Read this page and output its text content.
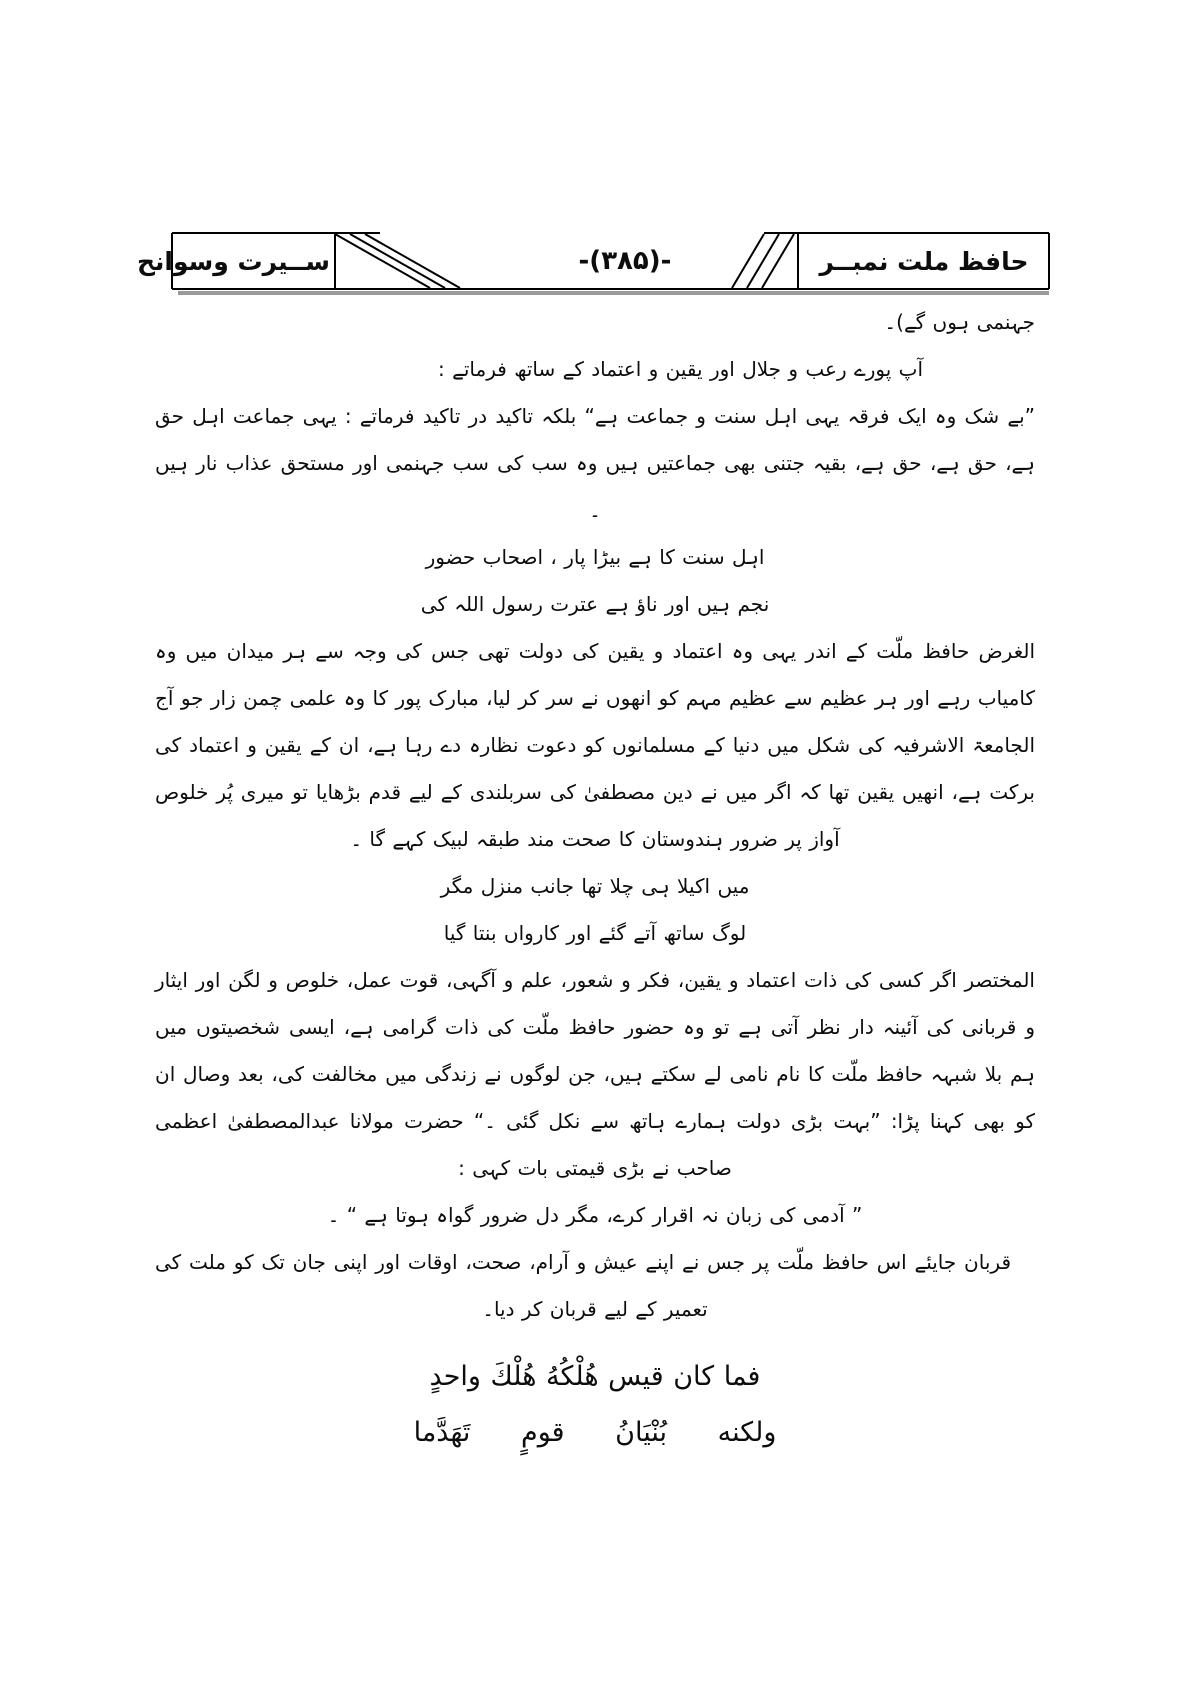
ســیرت وسوانح	حافظ ملت نمبــر
-(۳۸۵)-
جہنمی ہوں گے)۔
آپ پورے رعب و جلال اور یقین و اعتماد کے ساتھ فرماتے :

”بے شک وہ ایک فرقہ یہی اہل سنت و جماعت ہے“ بلکہ تاکید در تاکید فرماتے : یہی جماعت اہل حق ہے، حق ہے، حق ہے، بقیہ جتنی بھی جماعتیں ہیں وہ سب کی سب جہنمی اور مستحق عذاب نار ہیں ۔

اہل سنت کا ہے بیڑا پار ، اصحاب حضور
نجم ہیں اور ناؤ ہے عترت رسول اللہ کی

الغرض حافظ ملّت کے اندر یہی وہ اعتماد و یقین کی دولت تھی جس کی وجہ سے ہر میدان میں وہ کامیاب رہے اور ہر عظیم سے عظیم مہم کو انھوں نے سر کر لیا، مبارک پور کا وہ علمی چمن زار جو آج الجامعۃ الاشرفیہ کی شکل میں دنیا کے مسلمانوں کو دعوت نظارہ دے رہا ہے، ان کے یقین و اعتماد کی برکت ہے، انھیں یقین تھا کہ اگر میں نے دین مصطفیٰ کی سربلندی کے لیے قدم بڑھایا تو میری پُر خلوص آواز پر ضرور ہندوستان کا صحت مند طبقہ لبیک کہے گا ۔

میں اکیلا ہی چلا تھا جانب منزل مگر
لوگ ساتھ آتے گئے اور کارواں بنتا گیا

المختصر اگر کسی کی ذات اعتماد و یقین، فکر و شعور، علم و آگہی، قوت عمل، خلوص و لگن اور ایثار و قربانی کی آئینہ دار نظر آتی ہے تو وہ حضور حافظ ملّت کی ذات گرامی ہے، ایسی شخصیتوں میں ہم بلا شبہہ حافظ ملّت کا نام نامی لے سکتے ہیں، جن لوگوں نے زندگی میں مخالفت کی، بعد وصال ان کو بھی کہنا پڑا: ”بہت بڑی دولت ہمارے ہاتھ سے نکل گئی ۔“ حضرت مولانا عبدالمصطفیٰ اعظمی صاحب نے بڑی قیمتی بات کہی :

” آدمی کی زبان نہ اقرار کرے، مگر دل ضرور گواہ ہوتا ہے “ ۔

قربان جایئے اس حافظ ملّت پر جس نے اپنے عیش و آرام، صحت، اوقات اور اپنی جان تک کو ملت کی تعمیر کے لیے قربان کر دیا۔

فما كان قيس هُلْكُهُ هُلْكَ واحدٍ
ولكنه بُنْيَانُ قومٍ تَهَدَّما
